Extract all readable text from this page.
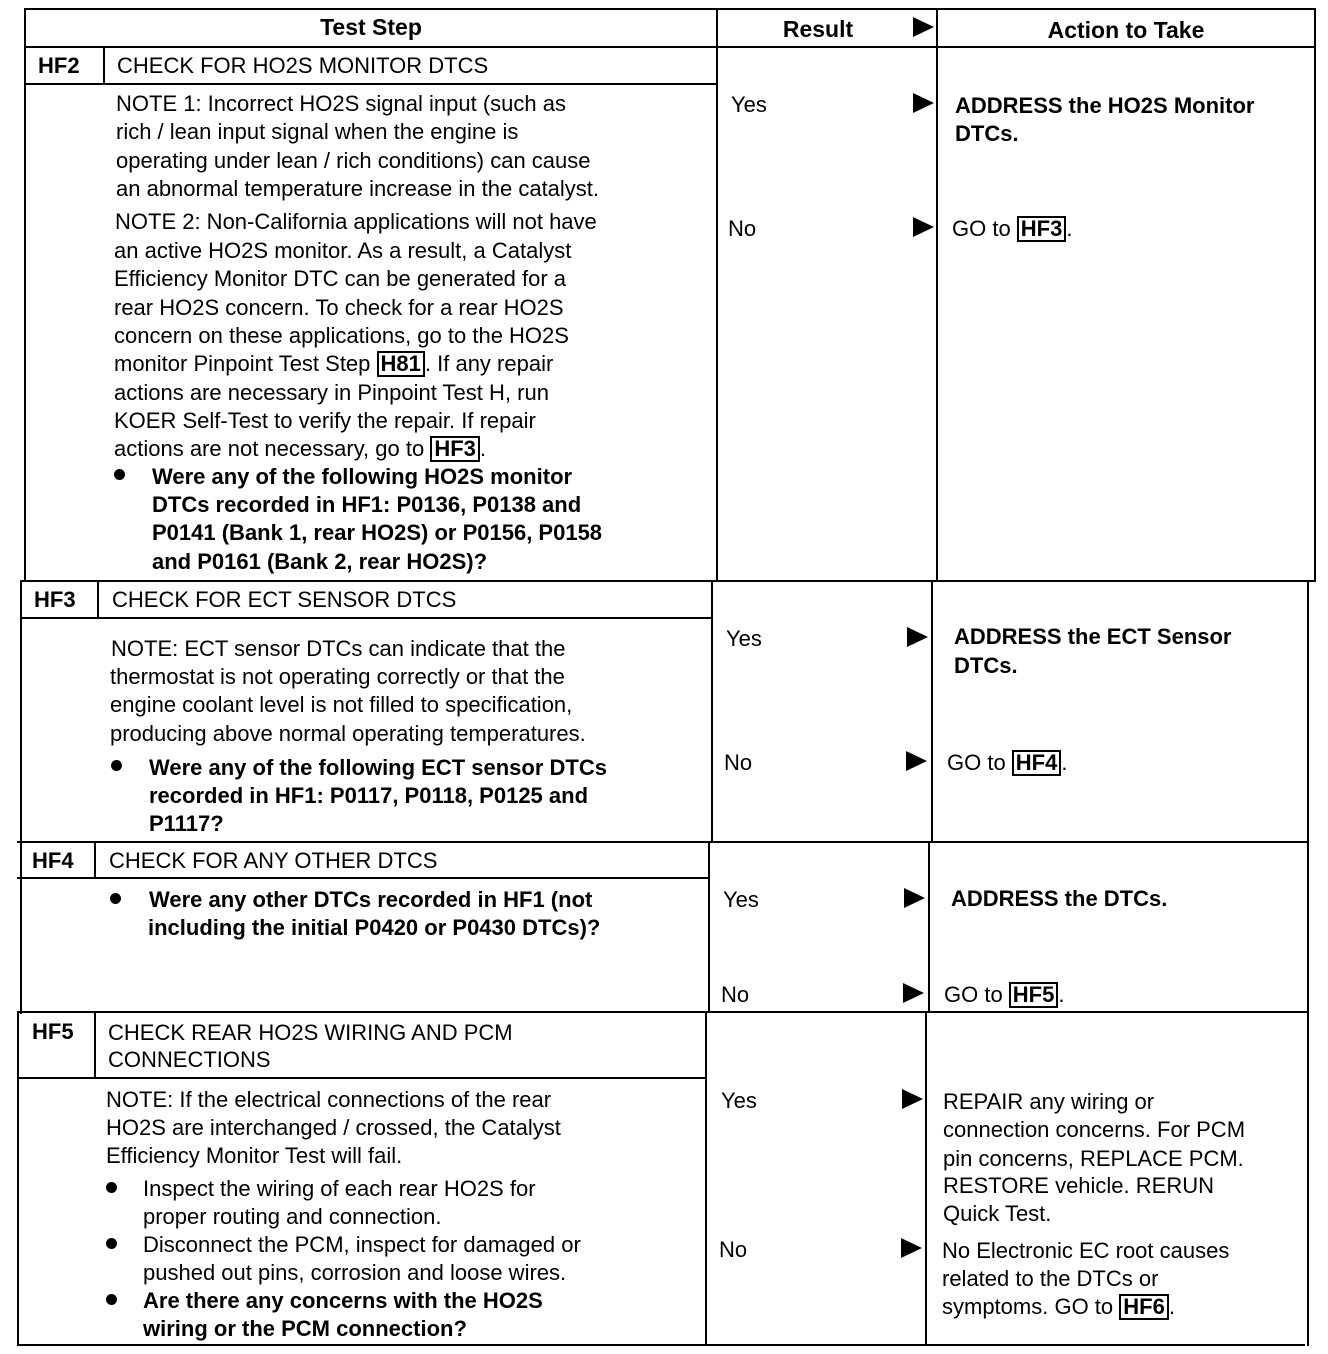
Test Step	Result	Action to Take
HF2 CHECK FOR HO2S MONITOR DTCS
NOTE 1: Incorrect HO2S signal input (such as
rich / lean input signal when the engine is
operating under lean / rich conditions) can cause
an abnormal temperature increase in the catalyst.
NOTE 2: Non-California applications will not have
an active HO2S monitor. As a result, a Catalyst
Efficiency Monitor DTC can be generated for a
rear HO2S concern. To check for a rear HO2S
concern on these applications, go to the HO2S
monitor Pinpoint Test Step H81 . If any repair
actions are necessary in Pinpoint Test H, run
KOER Self-Test to verify the repair. If repair
actions are not necessary, go to HF3 .
Were any of the following HO2S monitor
DTCs recorded in HF1: P0136, P0138 and
P0141 (Bank 1, rear HO2S) or P0156, P0158
and P0161 (Bank 2, rear HO2S)?
Yes	ADDRESS the HO2S Monitor
DTCs.
No	GO to HF3 .
HF3 CHECK FOR ECT SENSOR DTCS
NOTE: ECT sensor DTCs can indicate that the
thermostat is not operating correctly or that the
engine coolant level is not filled to specification,
producing above normal operating temperatures.
Were any of the following ECT sensor DTCs
recorded in HF1: P0117, P0118, P0125 and
P1117?
Yes	ADDRESS the ECT Sensor
DTCs.
No	GO to HF4 .
HF4 CHECK FOR ANY OTHER DTCS
Were any other DTCs recorded in HF1 (not
including the initial P0420 or P0430 DTCs)?
Yes	ADDRESS the DTCs.
No	GO to HF5 .
HF5 CHECK REAR HO2S WIRING AND PCM
CONNECTIONS
NOTE: If the electrical connections of the rear
HO2S are interchanged / crossed, the Catalyst
Efficiency Monitor Test will fail.
Inspect the wiring of each rear HO2S for
proper routing and connection.
Disconnect the PCM, inspect for damaged or
pushed out pins, corrosion and loose wires.
Are there any concerns with the HO2S
wiring or the PCM connection?
Yes	REPAIR any wiring or
connection concerns. For PCM
pin concerns, REPLACE PCM.
RESTORE vehicle. RERUN
Quick Test.
No	No Electronic EC root causes
related to the DTCs or
symptoms. GO to HF6 .
